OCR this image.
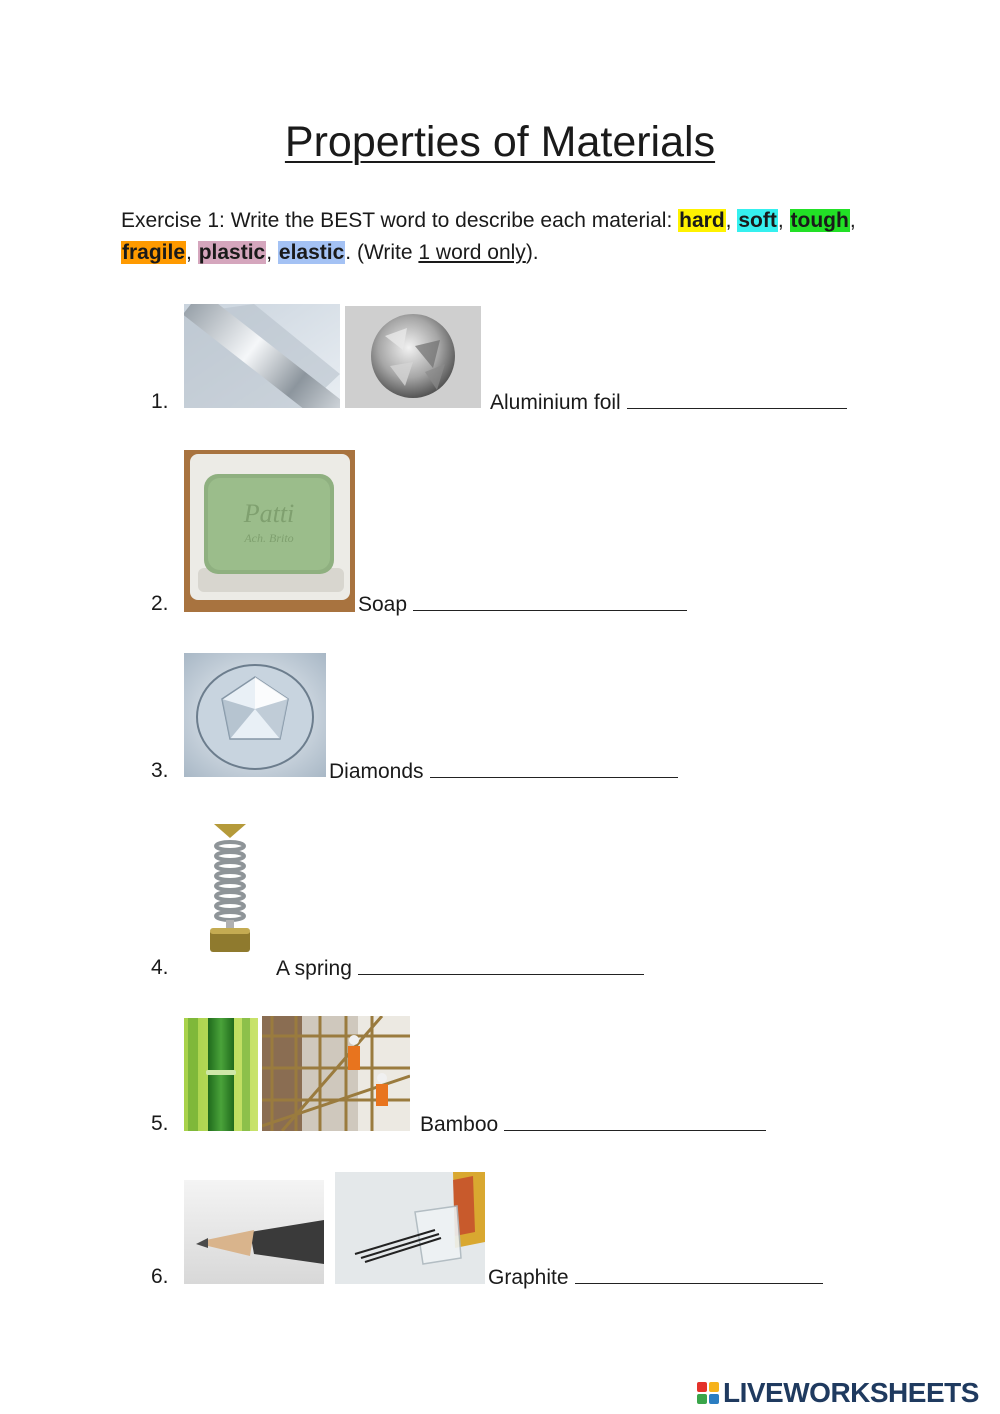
Properties of Materials
Exercise 1: Write the BEST word to describe each material: hard, soft, tough, fragile, plastic, elastic. (Write 1 word only).
1.	Aluminium foil
2.
Patti
Ach. Brito
Soap
3.	Diamonds
4.	A spring
5.	Bamboo
6.	Graphite
LIVEWORKSHEETS
